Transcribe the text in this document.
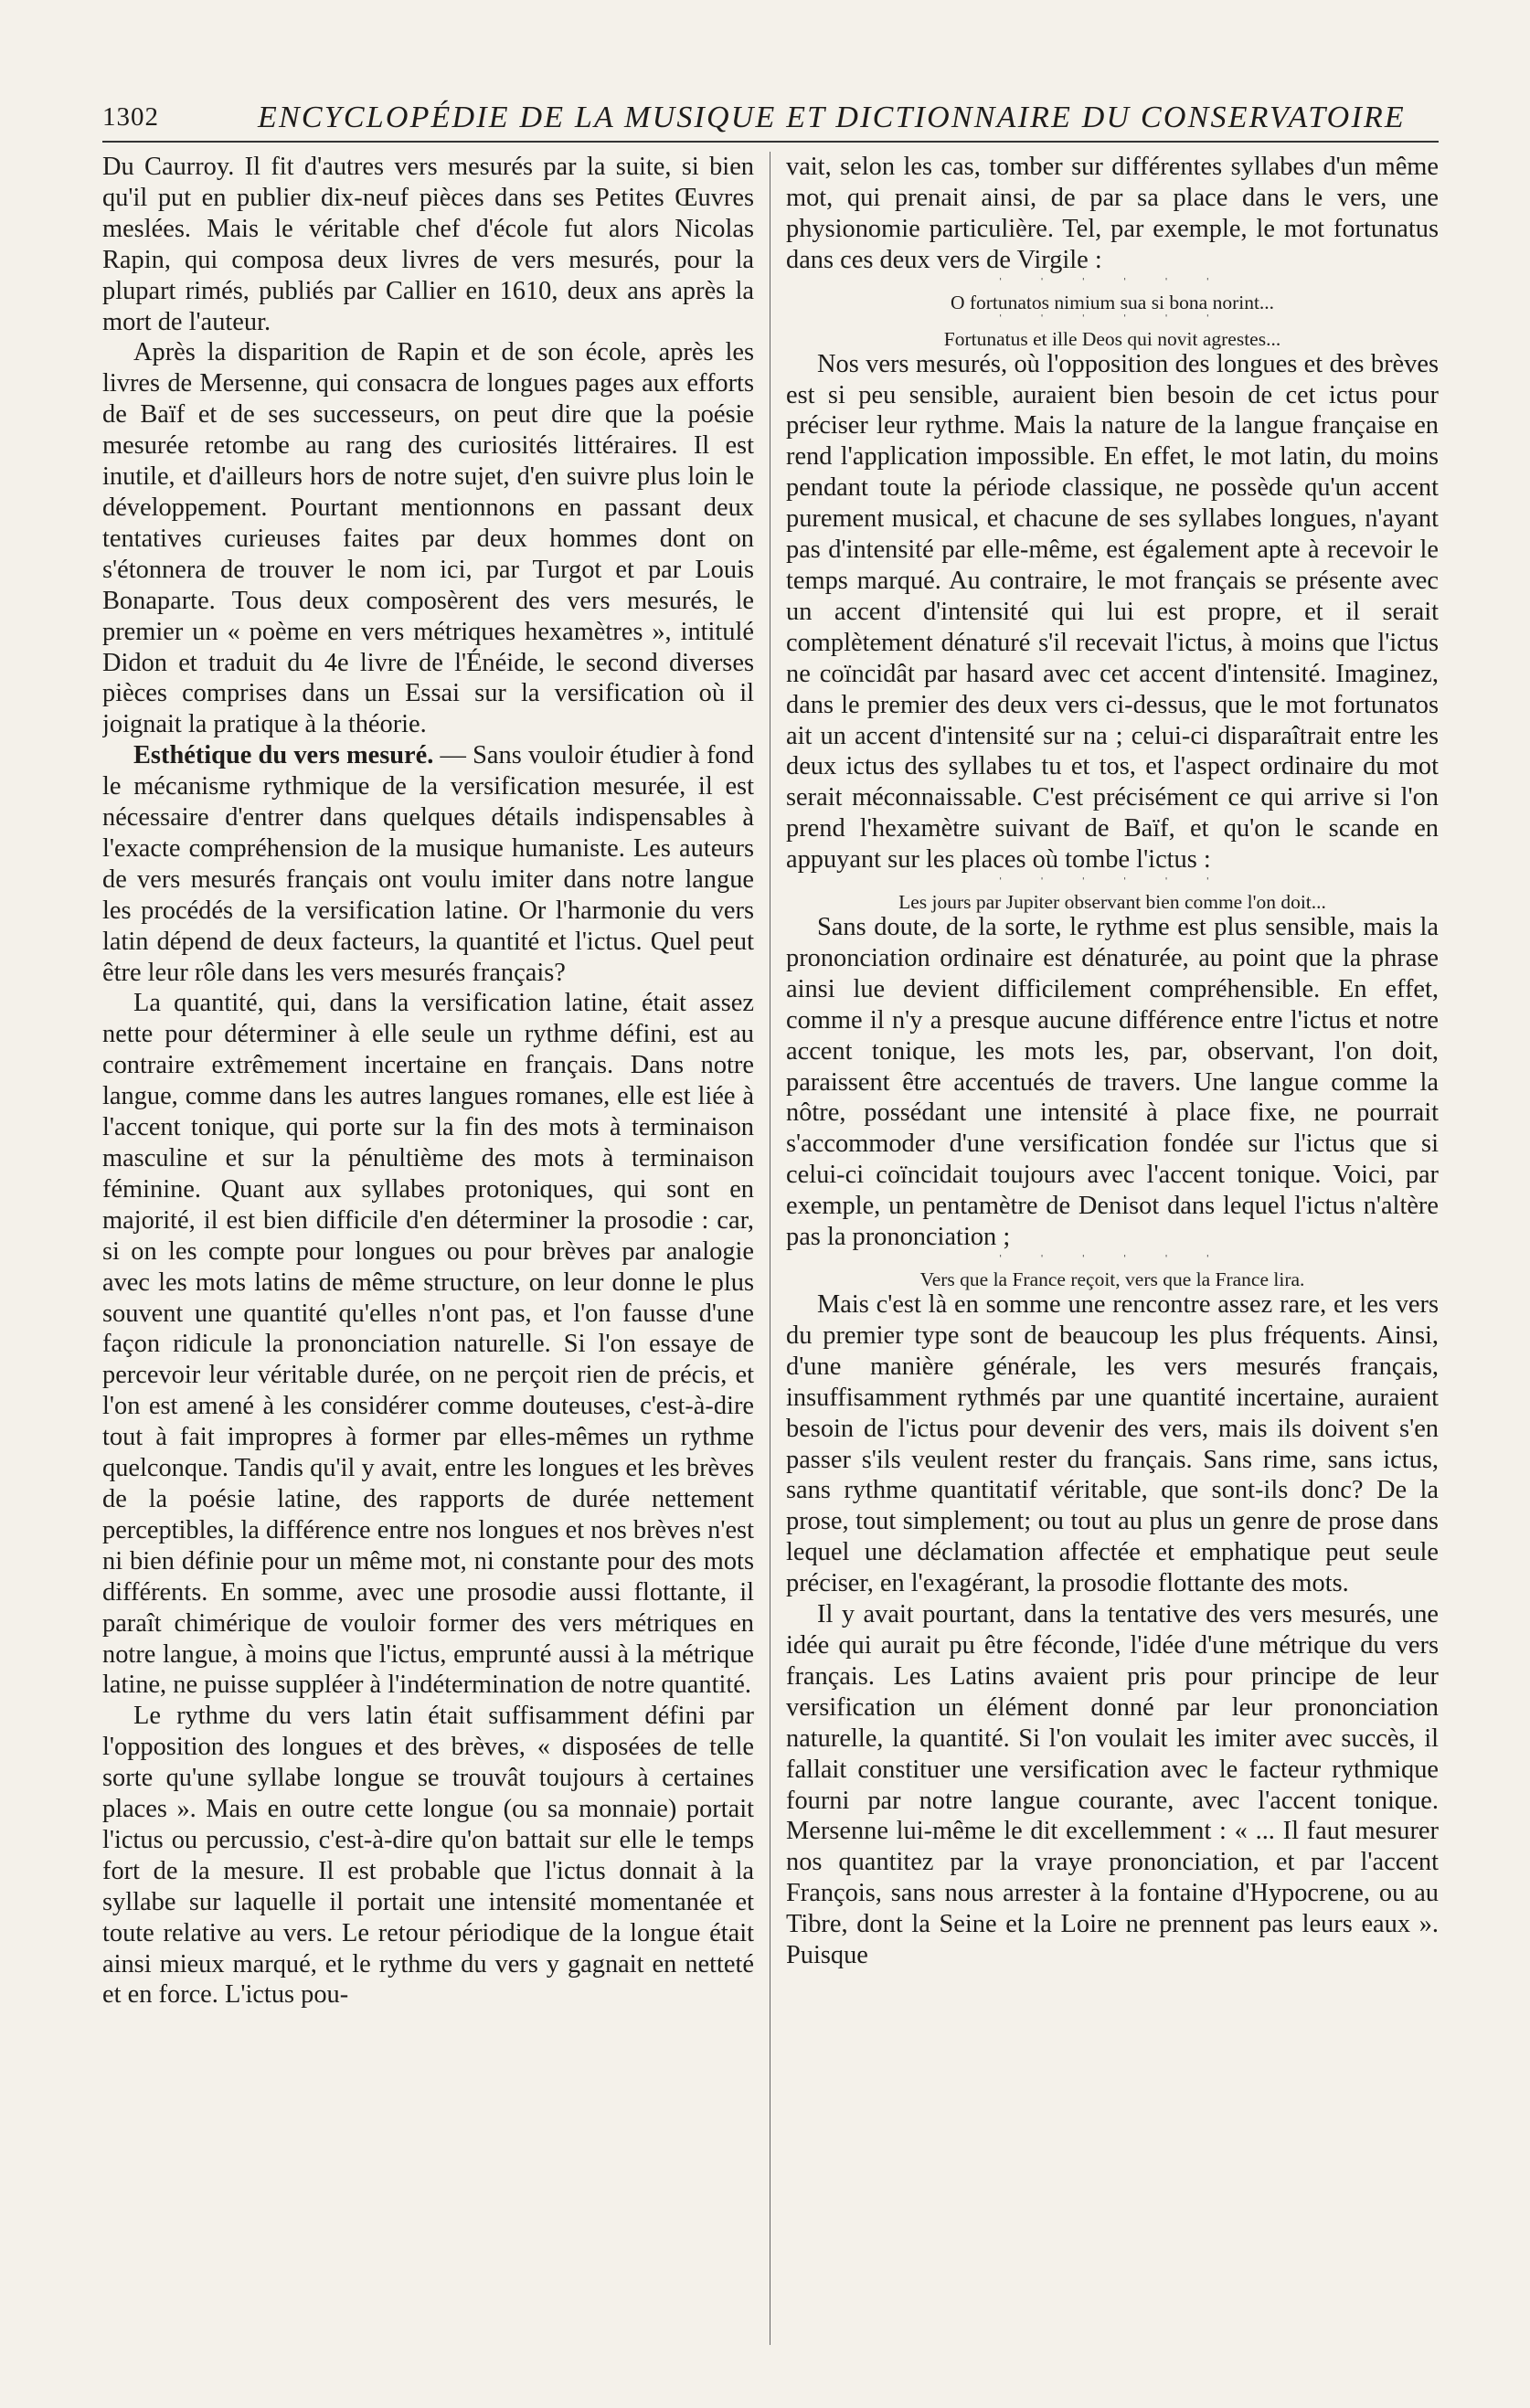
1302	ENCYCLOPÉDIE DE LA MUSIQUE ET DICTIONNAIRE DU CONSERVATOIRE

Du Caurroy. Il fit d'autres vers mesurés par la suite, si bien qu'il put en publier dix-neuf pièces dans ses Petites Œuvres meslées. Mais le véritable chef d'école fut alors Nicolas Rapin, qui composa deux livres de vers mesurés, pour la plupart rimés, publiés par Callier en 1610, deux ans après la mort de l'auteur.

Après la disparition de Rapin et de son école, après les livres de Mersenne, qui consacra de longues pages aux efforts de Baïf et de ses successeurs, on peut dire que la poésie mesurée retombe au rang des curiosités littéraires. Il est inutile, et d'ailleurs hors de notre sujet, d'en suivre plus loin le développement. Pourtant mentionnons en passant deux tentatives curieuses faites par deux hommes dont on s'étonnera de trouver le nom ici, par Turgot et par Louis Bonaparte. Tous deux composèrent des vers mesurés, le premier un « poème en vers métriques hexamètres », intitulé Didon et traduit du 4e livre de l'Énéide, le second diverses pièces comprises dans un Essai sur la versification où il joignait la pratique à la théorie.

Esthétique du vers mesuré. — Sans vouloir étudier à fond le mécanisme rythmique de la versification mesurée, il est nécessaire d'entrer dans quelques détails indispensables à l'exacte compréhension de la musique humaniste. Les auteurs de vers mesurés français ont voulu imiter dans notre langue les procédés de la versification latine. Or l'harmonie du vers latin dépend de deux facteurs, la quantité et l'ictus. Quel peut être leur rôle dans les vers mesurés français?

La quantité, qui, dans la versification latine, était assez nette pour déterminer à elle seule un rythme défini, est au contraire extrêmement incertaine en français. Dans notre langue, comme dans les autres langues romanes, elle est liée à l'accent tonique, qui porte sur la fin des mots à terminaison masculine et sur la pénultième des mots à terminaison féminine. Quant aux syllabes protoniques, qui sont en majorité, il est bien difficile d'en déterminer la prosodie : car, si on les compte pour longues ou pour brèves par analogie avec les mots latins de même structure, on leur donne le plus souvent une quantité qu'elles n'ont pas, et l'on fausse d'une façon ridicule la prononciation naturelle. Si l'on essaye de percevoir leur véritable durée, on ne perçoit rien de précis, et l'on est amené à les considérer comme douteuses, c'est-à-dire tout à fait impropres à former par elles-mêmes un rythme quelconque. Tandis qu'il y avait, entre les longues et les brèves de la poésie latine, des rapports de durée nettement perceptibles, la différence entre nos longues et nos brèves n'est ni bien définie pour un même mot, ni constante pour des mots différents. En somme, avec une prosodie aussi flottante, il paraît chimérique de vouloir former des vers métriques en notre langue, à moins que l'ictus, emprunté aussi à la métrique latine, ne puisse suppléer à l'indétermination de notre quantité.

Le rythme du vers latin était suffisamment défini par l'opposition des longues et des brèves, « disposées de telle sorte qu'une syllabe longue se trouvât toujours à certaines places ». Mais en outre cette longue (ou sa monnaie) portait l'ictus ou percussio, c'est-à-dire qu'on battait sur elle le temps fort de la mesure. Il est probable que l'ictus donnait à la syllabe sur laquelle il portait une intensité momentanée et toute relative au vers. Le retour périodique de la longue était ainsi mieux marqué, et le rythme du vers y gagnait en netteté et en force. L'ictus pou-

vait, selon les cas, tomber sur différentes syllabes d'un même mot, qui prenait ainsi, de par sa place dans le vers, une physionomie particulière. Tel, par exemple, le mot fortunatus dans ces deux vers de Virgile :

ˈ ˈ ˈ ˈ ˈ ˈ
O fortunatos nimium sua si bona norint...
ˈ ˈ ˈ ˈ ˈ ˈ
Fortunatus et ille Deos qui novit agrestes...

Nos vers mesurés, où l'opposition des longues et des brèves est si peu sensible, auraient bien besoin de cet ictus pour préciser leur rythme. Mais la nature de la langue française en rend l'application impossible. En effet, le mot latin, du moins pendant toute la période classique, ne possède qu'un accent purement musical, et chacune de ses syllabes longues, n'ayant pas d'intensité par elle-même, est également apte à recevoir le temps marqué. Au contraire, le mot français se présente avec un accent d'intensité qui lui est propre, et il serait complètement dénaturé s'il recevait l'ictus, à moins que l'ictus ne coïncidât par hasard avec cet accent d'intensité. Imaginez, dans le premier des deux vers ci-dessus, que le mot fortunatos ait un accent d'intensité sur na ; celui-ci disparaîtrait entre les deux ictus des syllabes tu et tos, et l'aspect ordinaire du mot serait méconnaissable. C'est précisément ce qui arrive si l'on prend l'hexamètre suivant de Baïf, et qu'on le scande en appuyant sur les places où tombe l'ictus :

ˈ ˈ ˈ ˈ ˈ ˈ
Les jours par Jupiter observant bien comme l'on doit...

Sans doute, de la sorte, le rythme est plus sensible, mais la prononciation ordinaire est dénaturée, au point que la phrase ainsi lue devient difficilement compréhensible. En effet, comme il n'y a presque aucune différence entre l'ictus et notre accent tonique, les mots les, par, observant, l'on doit, paraissent être accentués de travers. Une langue comme la nôtre, possédant une intensité à place fixe, ne pourrait s'accommoder d'une versification fondée sur l'ictus que si celui-ci coïncidait toujours avec l'accent tonique. Voici, par exemple, un pentamètre de Denisot dans lequel l'ictus n'altère pas la prononciation ;

ˈ ˈ ˈ ˈ ˈ ˈ
Vers que la France reçoit, vers que la France lira.

Mais c'est là en somme une rencontre assez rare, et les vers du premier type sont de beaucoup les plus fréquents. Ainsi, d'une manière générale, les vers mesurés français, insuffisamment rythmés par une quantité incertaine, auraient besoin de l'ictus pour devenir des vers, mais ils doivent s'en passer s'ils veulent rester du français. Sans rime, sans ictus, sans rythme quantitatif véritable, que sont-ils donc? De la prose, tout simplement; ou tout au plus un genre de prose dans lequel une déclamation affectée et emphatique peut seule préciser, en l'exagérant, la prosodie flottante des mots.

Il y avait pourtant, dans la tentative des vers mesurés, une idée qui aurait pu être féconde, l'idée d'une métrique du vers français. Les Latins avaient pris pour principe de leur versification un élément donné par leur prononciation naturelle, la quantité. Si l'on voulait les imiter avec succès, il fallait constituer une versification avec le facteur rythmique fourni par notre langue courante, avec l'accent tonique. Mersenne lui-même le dit excellemment : « ... Il faut mesurer nos quantitez par la vraye prononciation, et par l'accent François, sans nous arrester à la fontaine d'Hypocrene, ou au Tibre, dont la Seine et la Loire ne prennent pas leurs eaux ». Puisque
